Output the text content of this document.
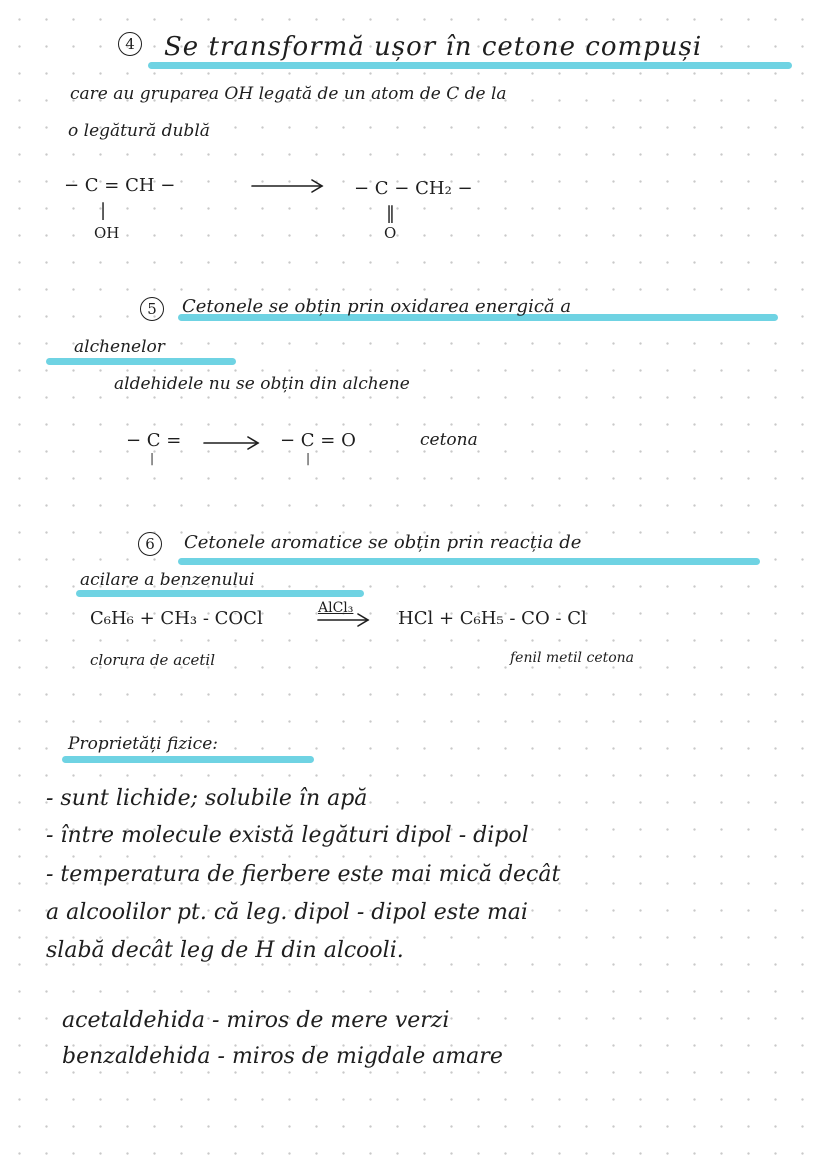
4 Se transformă ușor în cetone compuși
care au gruparea OH legată de un atom de C de la
o legătură dublă
− C = CH −
|
OH
− C − CH₂ −
‖
O
5	Cetonele se obțin prin oxidarea energică a
alchenelor
aldehidele nu se obțin din alchene
− C =
|
− C = O
|
cetona
6	Cetonele aromatice se obțin prin reacția de
acilare a benzenului
C₆H₆ + CH₃ - COCl	AlCl₃ HCl + C₆H₅ - CO - Cl
clorura de acetil	fenil metil cetona
Proprietăți fizice:
- sunt lichide; solubile în apă
- între molecule există legături dipol - dipol
- temperatura de fierbere este mai mică decât
a alcoolilor pt. că leg. dipol - dipol este mai
slabă decât leg de H din alcooli.
acetaldehida - miros de mere verzi
benzaldehida - miros de migdale amare
